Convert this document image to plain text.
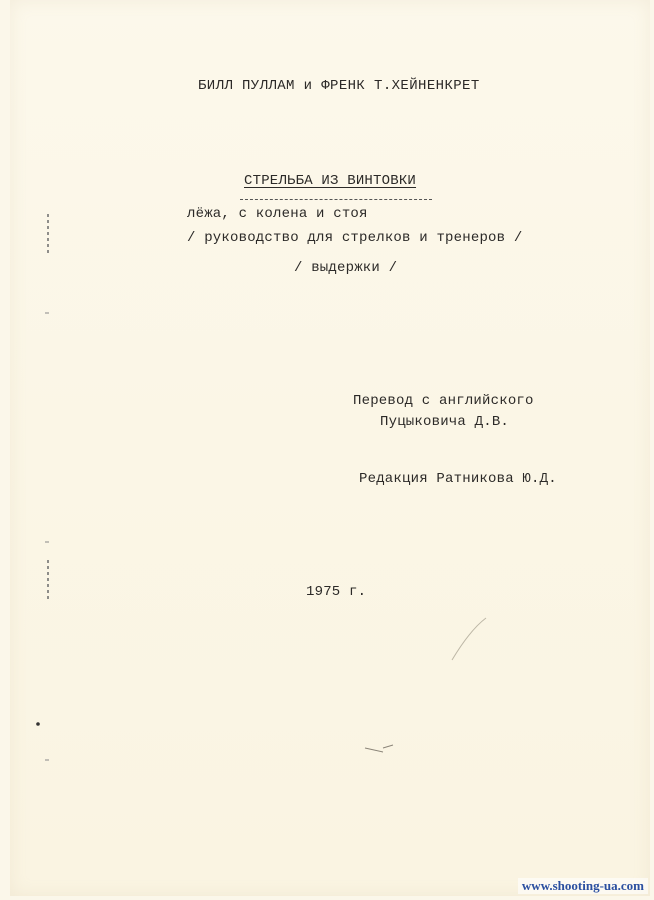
БИЛЛ ПУЛЛАМ и ФРЕНК Т.ХЕЙНЕНКРЕТ
СТРЕЛЬБА ИЗ ВИНТОВКИ
лёжа, с колена и стоя
/ руководство для стрелков и тренеров /
/ выдержки /
Перевод с английского
Пуцыковича Д.В.
Редакция Ратникова Ю.Д.
1975 г.
www.shooting-ua.com
